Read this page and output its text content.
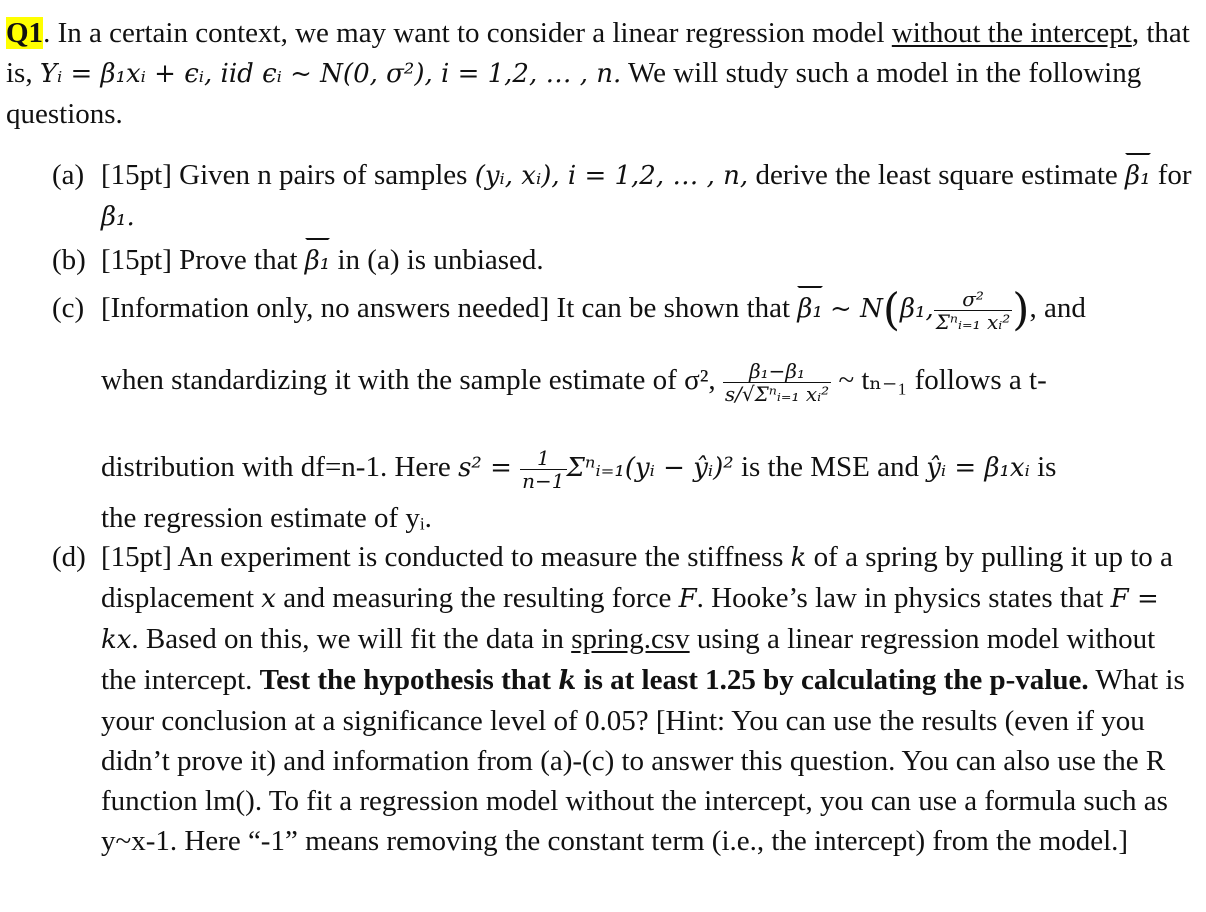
Q1. In a certain context, we may want to consider a linear regression model without the intercept, that is, Yᵢ = β₁xᵢ + ϵᵢ, iid ϵᵢ ~ N(0, σ²), i = 1,2, … , n. We will study such a model in the following questions.
(a) [15pt] Given n pairs of samples (yᵢ, xᵢ), i = 1,2, … , n, derive the least square estimate β₁ for β₁.
(b) [15pt] Prove that β₁ in (a) is unbiased.
(c) [Information only, no answers needed] It can be shown that β₁ ~ N(β₁, $\frac{\text{σ²}}{\text{Σⁿᵢ₌₁ xᵢ²}}$ ), and
when standardizing it with the sample estimate of σ², $\frac{\text{β₁−β₁}}{\text{s/√Σⁿᵢ₌₁ xᵢ²}}$ ~ tₙ₋₁ follows a t-
distribution with df=n-1. Here $s^2 = \frac{1}{n-1}$ Σⁿᵢ₌₁(yᵢ − ŷᵢ)² is the MSE and ŷᵢ = β₁xᵢ is
the regression estimate of yᵢ.
(d) [15pt] An experiment is conducted to measure the stiffness k of a spring by pulling it up to a displacement x and measuring the resulting force F. Hooke’s law in physics states that F = kx. Based on this, we will fit the data in spring.csv using a linear regression model without the intercept. Test the hypothesis that k is at least 1.25 by calculating the p-value. What is your conclusion at a significance level of 0.05? [Hint: You can use the results (even if you didn’t prove it) and information from (a)-(c) to answer this question. You can also use the R function lm(). To fit a regression model without the intercept, you can use a formula such as y~x-1. Here “-1” means removing the constant term (i.e., the intercept) from the model.]
